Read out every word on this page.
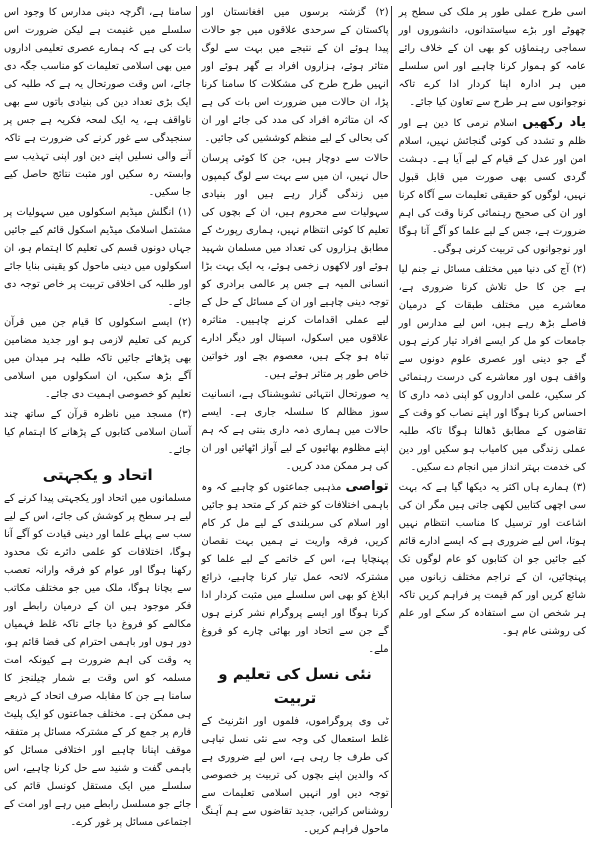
اسی طرح عملی طور پر ملک کی سطح پر چھوٹے اور بڑے سیاستدانوں، دانشوروں اور سماجی رہنماؤں کو بھی ان کے خلاف رائے عامہ کو ہموار کرنا چاہیے اور اس سلسلے میں ہر ادارہ اپنا کردار ادا کرے تاکہ نوجوانوں سے ہر طرح سے تعاون کیا جائے۔

یاد رکھیں اسلام نرمی کا دین ہے اور ظلم و تشدد کی کوئی گنجائش نہیں، اسلام امن اور عدل کے قیام کے لیے آیا ہے۔ دہشت گردی کسی بھی صورت میں قابل قبول نہیں، لوگوں کو حقیقی تعلیمات سے آگاہ کرنا اور ان کی صحیح رہنمائی کرنا وقت کی اہم ضرورت ہے، جس کے لیے علما کو آگے آنا ہوگا اور نوجوانوں کی تربیت کرنی ہوگی۔

(۲) آج کی دنیا میں مختلف مسائل نے جنم لیا ہے جن کا حل تلاش کرنا ضروری ہے، معاشرے میں مختلف طبقات کے درمیان فاصلے بڑھ رہے ہیں، اس لیے مدارس اور جامعات کو مل کر ایسے افراد تیار کرنے ہوں گے جو دینی اور عصری علوم دونوں سے واقف ہوں اور معاشرے کی درست رہنمائی کر سکیں، علمی اداروں کو اپنی ذمہ داری کا احساس کرنا ہوگا اور اپنے نصاب کو وقت کے تقاضوں کے مطابق ڈھالنا ہوگا تاکہ طلبہ عملی زندگی میں کامیاب ہو سکیں اور دین کی خدمت بہتر انداز میں انجام دے سکیں۔

(۳) ہمارے ہاں اکثر یہ دیکھا گیا ہے کہ بہت سی اچھی کتابیں لکھی جاتی ہیں مگر ان کی اشاعت اور ترسیل کا مناسب انتظام نہیں ہوتا، اس لیے ضروری ہے کہ ایسے ادارے قائم کیے جائیں جو ان کتابوں کو عام لوگوں تک پہنچائیں، ان کے تراجم مختلف زبانوں میں شائع کریں اور کم قیمت پر فراہم کریں تاکہ ہر شخص ان سے استفادہ کر سکے اور علم کی روشنی عام ہو۔

(۲) گزشتہ برسوں میں افغانستان اور پاکستان کے سرحدی علاقوں میں جو حالات پیدا ہوئے ان کے نتیجے میں بہت سے لوگ متاثر ہوئے، ہزاروں افراد بے گھر ہوئے اور انہیں طرح طرح کی مشکلات کا سامنا کرنا پڑا، ان حالات میں ضرورت اس بات کی ہے کہ ان متاثرہ افراد کی مدد کی جائے اور ان کی بحالی کے لیے منظم کوششیں کی جائیں۔

حالات سے دوچار ہیں، جن کا کوئی پرسان حال نہیں، ان میں سے بہت سے لوگ کیمپوں میں زندگی گزار رہے ہیں اور بنیادی سہولیات سے محروم ہیں، ان کے بچوں کی تعلیم کا کوئی انتظام نہیں، ہماری رپورٹ کے مطابق ہزاروں کی تعداد میں مسلمان شہید ہوئے اور لاکھوں زخمی ہوئے، یہ ایک بہت بڑا انسانی المیہ ہے جس پر عالمی برادری کو توجہ دینی چاہیے اور ان کے مسائل کے حل کے لیے عملی اقدامات کرنے چاہییں۔ متاثرہ علاقوں میں اسکول، اسپتال اور دیگر ادارے تباہ ہو چکے ہیں، معصوم بچے اور خواتین خاص طور پر متاثر ہوئے ہیں۔

یہ صورتحال انتہائی تشویشناک ہے، انسانیت سوز مظالم کا سلسلہ جاری ہے۔ ایسے حالات میں ہماری ذمہ داری بنتی ہے کہ ہم اپنے مظلوم بھائیوں کے لیے آواز اٹھائیں اور ان کی ہر ممکن مدد کریں۔

تواصی مذہبی جماعتوں کو چاہیے کہ وہ باہمی اختلافات کو ختم کر کے متحد ہو جائیں اور اسلام کی سربلندی کے لیے مل کر کام کریں، فرقہ واریت نے ہمیں بہت نقصان پہنچایا ہے، اس کے خاتمے کے لیے علما کو مشترکہ لائحہ عمل تیار کرنا چاہیے، ذرائع ابلاغ کو بھی اس سلسلے میں مثبت کردار ادا کرنا ہوگا اور ایسے پروگرام نشر کرنے ہوں گے جن سے اتحاد اور بھائی چارے کو فروغ ملے۔

نئی نسل کی تعلیم و تربیت

ٹی وی پروگراموں، فلموں اور انٹرنیٹ کے غلط استعمال کی وجہ سے نئی نسل تباہی کی طرف جا رہی ہے، اس لیے ضروری ہے کہ والدین اپنے بچوں کی تربیت پر خصوصی توجہ دیں اور انہیں اسلامی تعلیمات سے روشناس کرائیں، جدید تقاضوں سے ہم آہنگ ماحول فراہم کریں۔

سامنا ہے، اگرچہ دینی مدارس کا وجود اس سلسلے میں غنیمت ہے لیکن ضرورت اس بات کی ہے کہ ہمارے عصری تعلیمی اداروں میں بھی اسلامی تعلیمات کو مناسب جگہ دی جائے، اس وقت صورتحال یہ ہے کہ طلبہ کی ایک بڑی تعداد دین کی بنیادی باتوں سے بھی ناواقف ہے، یہ ایک لمحہ فکریہ ہے جس پر سنجیدگی سے غور کرنے کی ضرورت ہے تاکہ آنے والی نسلیں اپنے دین اور اپنی تہذیب سے وابستہ رہ سکیں اور مثبت نتائج حاصل کیے جا سکیں۔

(۱) انگلش میڈیم اسکولوں میں سہولیات پر مشتمل اسلامک میڈیم اسکول قائم کیے جائیں جہاں دونوں قسم کی تعلیم کا اہتمام ہو، ان اسکولوں میں دینی ماحول کو یقینی بنایا جائے اور طلبہ کی اخلاقی تربیت پر خاص توجہ دی جائے۔

(۲) ایسے اسکولوں کا قیام جن میں قرآن کریم کی تعلیم لازمی ہو اور جدید مضامین بھی پڑھائے جائیں تاکہ طلبہ ہر میدان میں آگے بڑھ سکیں، ان اسکولوں میں اسلامی تعلیم کو خصوصی اہمیت دی جائے۔

(۳) مسجد میں ناظرہ قرآن کے ساتھ چند آسان اسلامی کتابوں کے پڑھانے کا اہتمام کیا جائے۔

اتحاد و یکجہتی

مسلمانوں میں اتحاد اور یکجہتی پیدا کرنے کے لیے ہر سطح پر کوشش کی جائے، اس کے لیے سب سے پہلے علما اور دینی قیادت کو آگے آنا ہوگا، اختلافات کو علمی دائرے تک محدود رکھنا ہوگا اور عوام کو فرقہ وارانہ تعصب سے بچانا ہوگا، ملک میں جو مختلف مکاتب فکر موجود ہیں ان کے درمیان رابطے اور مکالمے کو فروغ دیا جائے تاکہ غلط فہمیاں دور ہوں اور باہمی احترام کی فضا قائم ہو، یہ وقت کی اہم ضرورت ہے کیونکہ امت مسلمہ کو اس وقت بے شمار چیلنجز کا سامنا ہے جن کا مقابلہ صرف اتحاد کے ذریعے ہی ممکن ہے۔ مختلف جماعتوں کو ایک پلیٹ فارم پر جمع کر کے مشترکہ مسائل پر متفقہ موقف اپنانا چاہیے اور اختلافی مسائل کو باہمی گفت و شنید سے حل کرنا چاہیے، اس سلسلے میں ایک مستقل کونسل قائم کی جائے جو مسلسل رابطے میں رہے اور امت کے اجتماعی مسائل پر غور کرے۔
